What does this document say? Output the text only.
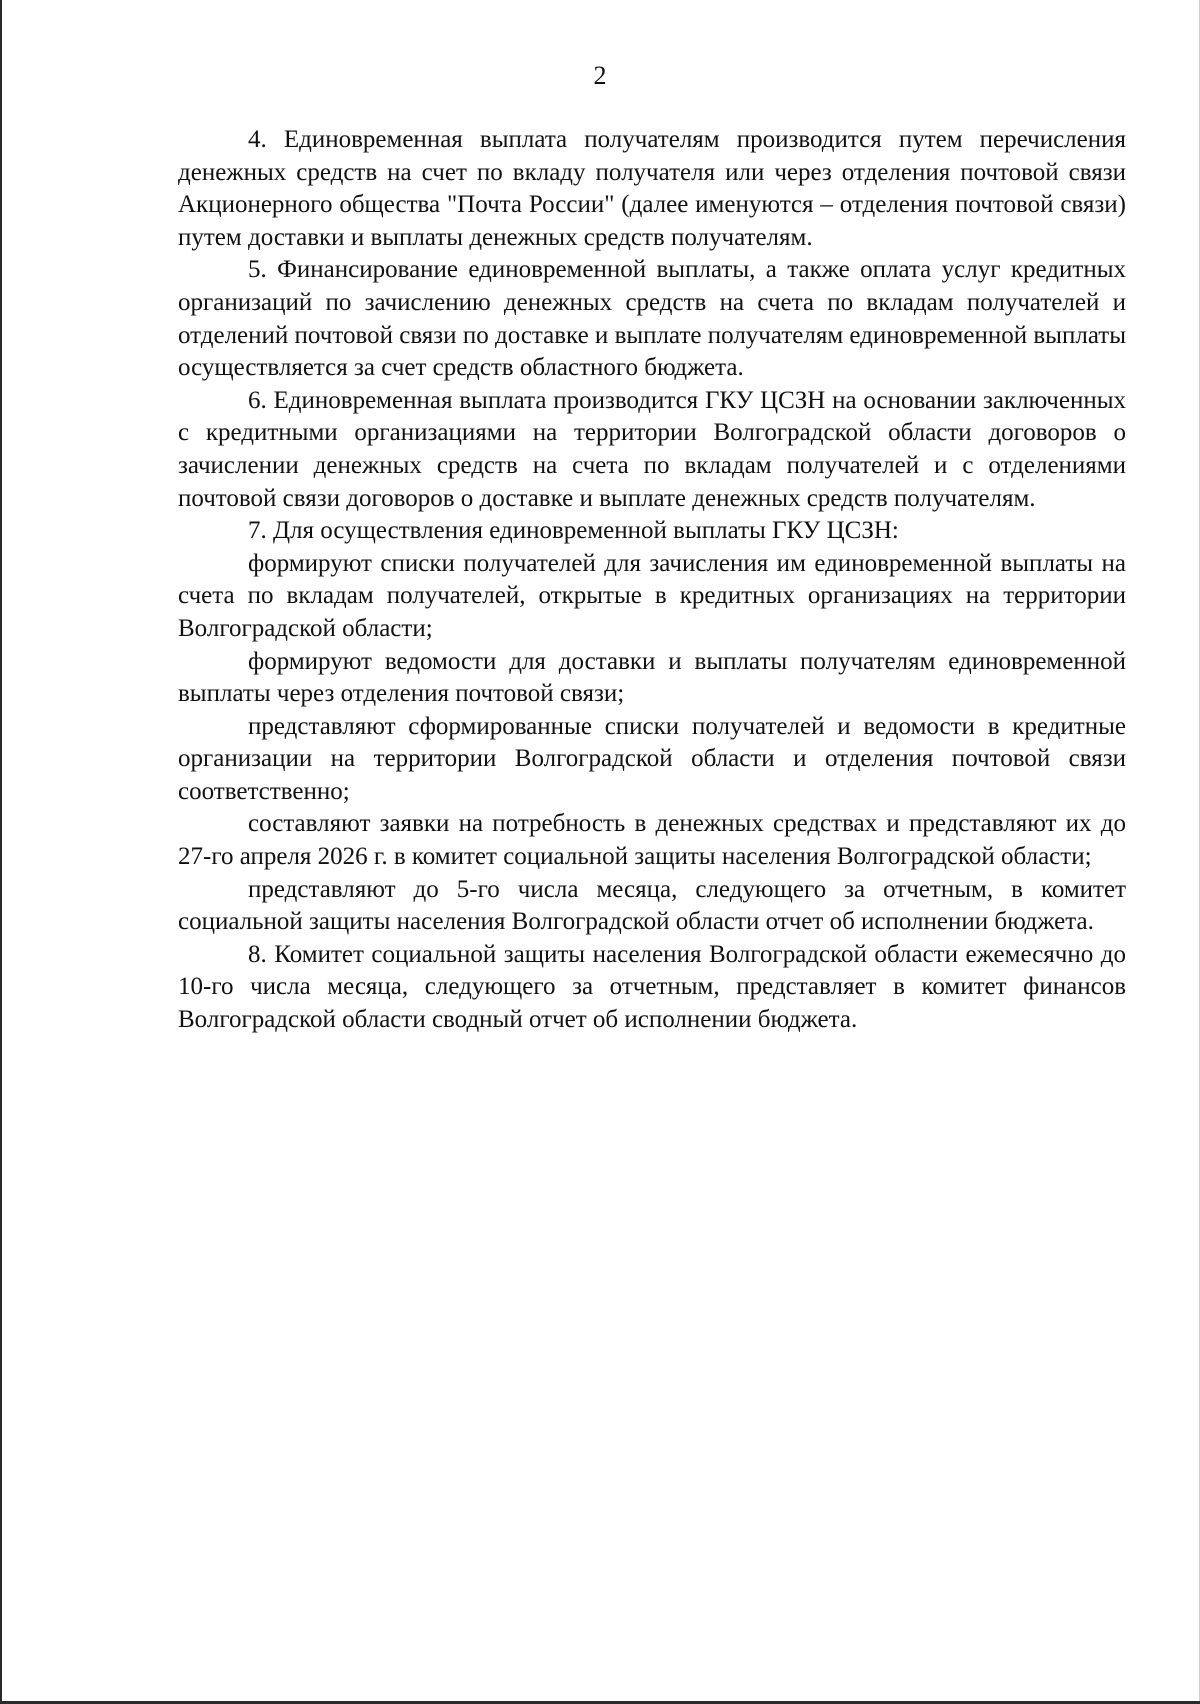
2

4. Единовременная выплата получателям производится путем перечисления денежных средств на счет по вкладу получателя или через отделения почтовой связи Акционерного общества "Почта России" (далее именуются – отделения почтовой связи) путем доставки и выплаты денежных средств получателям.

5. Финансирование единовременной выплаты, а также оплата услуг кредитных организаций по зачислению денежных средств на счета по вкладам получателей и отделений почтовой связи по доставке и выплате получателям единовременной выплаты осуществляется за счет средств областного бюджета.

6. Единовременная выплата производится ГКУ ЦСЗН на основании заключенных с кредитными организациями на территории Волгоградской области договоров о зачислении денежных средств на счета по вкладам получателей и с отделениями почтовой связи договоров о доставке и выплате денежных средств получателям.

7. Для осуществления единовременной выплаты ГКУ ЦСЗН:

формируют списки получателей для зачисления им единовременной выплаты на счета по вкладам получателей, открытые в кредитных организациях на территории Волгоградской области;

формируют ведомости для доставки и выплаты получателям единовременной выплаты через отделения почтовой связи;

представляют сформированные списки получателей и ведомости в кредитные организации на территории Волгоградской области и отделения почтовой связи соответственно;

составляют заявки на потребность в денежных средствах и представляют их до 27-го апреля 2026 г. в комитет социальной защиты населения Волгоградской области;

представляют до 5-го числа месяца, следующего за отчетным, в комитет социальной защиты населения Волгоградской области отчет об исполнении бюджета.

8. Комитет социальной защиты населения Волгоградской области ежемесячно до 10-го числа месяца, следующего за отчетным, представляет в комитет финансов Волгоградской области сводный отчет об исполнении бюджета.
